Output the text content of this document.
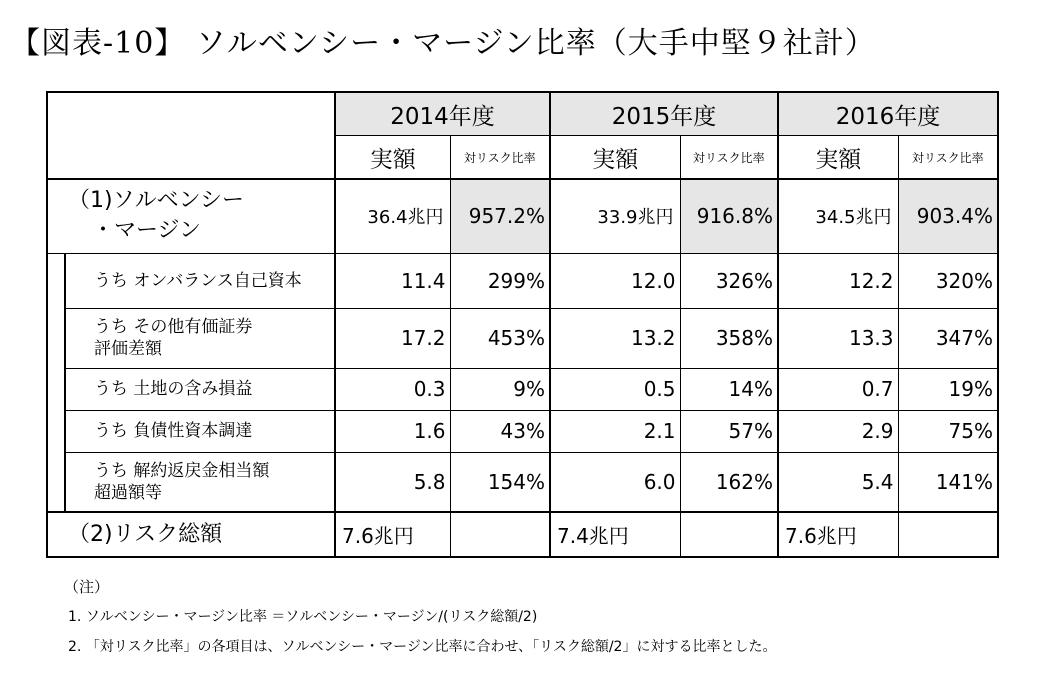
【図表-10】 ソルベンシー・マージン比率（大手中堅９社計）
		2014年度		2015年度		2016年度	
		実額	対リスク比率	実額	対リスク比率	実額	対リスク比率

（1)ソルベンシー
・マージン		36.4兆円	957.2%	33.9兆円	916.8%	34.5兆円	903.4%

	うち オンバランス自己資本	11.4	299%	12.0	326%	12.2	320%

	うち その他有価証券
評価差額	17.2	453%	13.2	358%	13.3	347%

	うち 土地の含み損益	0.3	9%	0.5	14%	0.7	19%

	うち 負債性資本調達	1.6	43%	2.1	57%	2.9	75%

	うち 解約返戻金相当額
超過額等	5.8	154%	6.0	162%	5.4	141%
（2)リスク総額		7.6兆円		7.4兆円		7.6兆円	
（注）
1. ソルベンシー・マージン比率 ＝ソルベンシー・マージン/(リスク総額/2)
2. 「対リスク比率」の各項目は、ソルベンシー・マージン比率に合わせ、「リスク総額/2」に対する比率とした。
